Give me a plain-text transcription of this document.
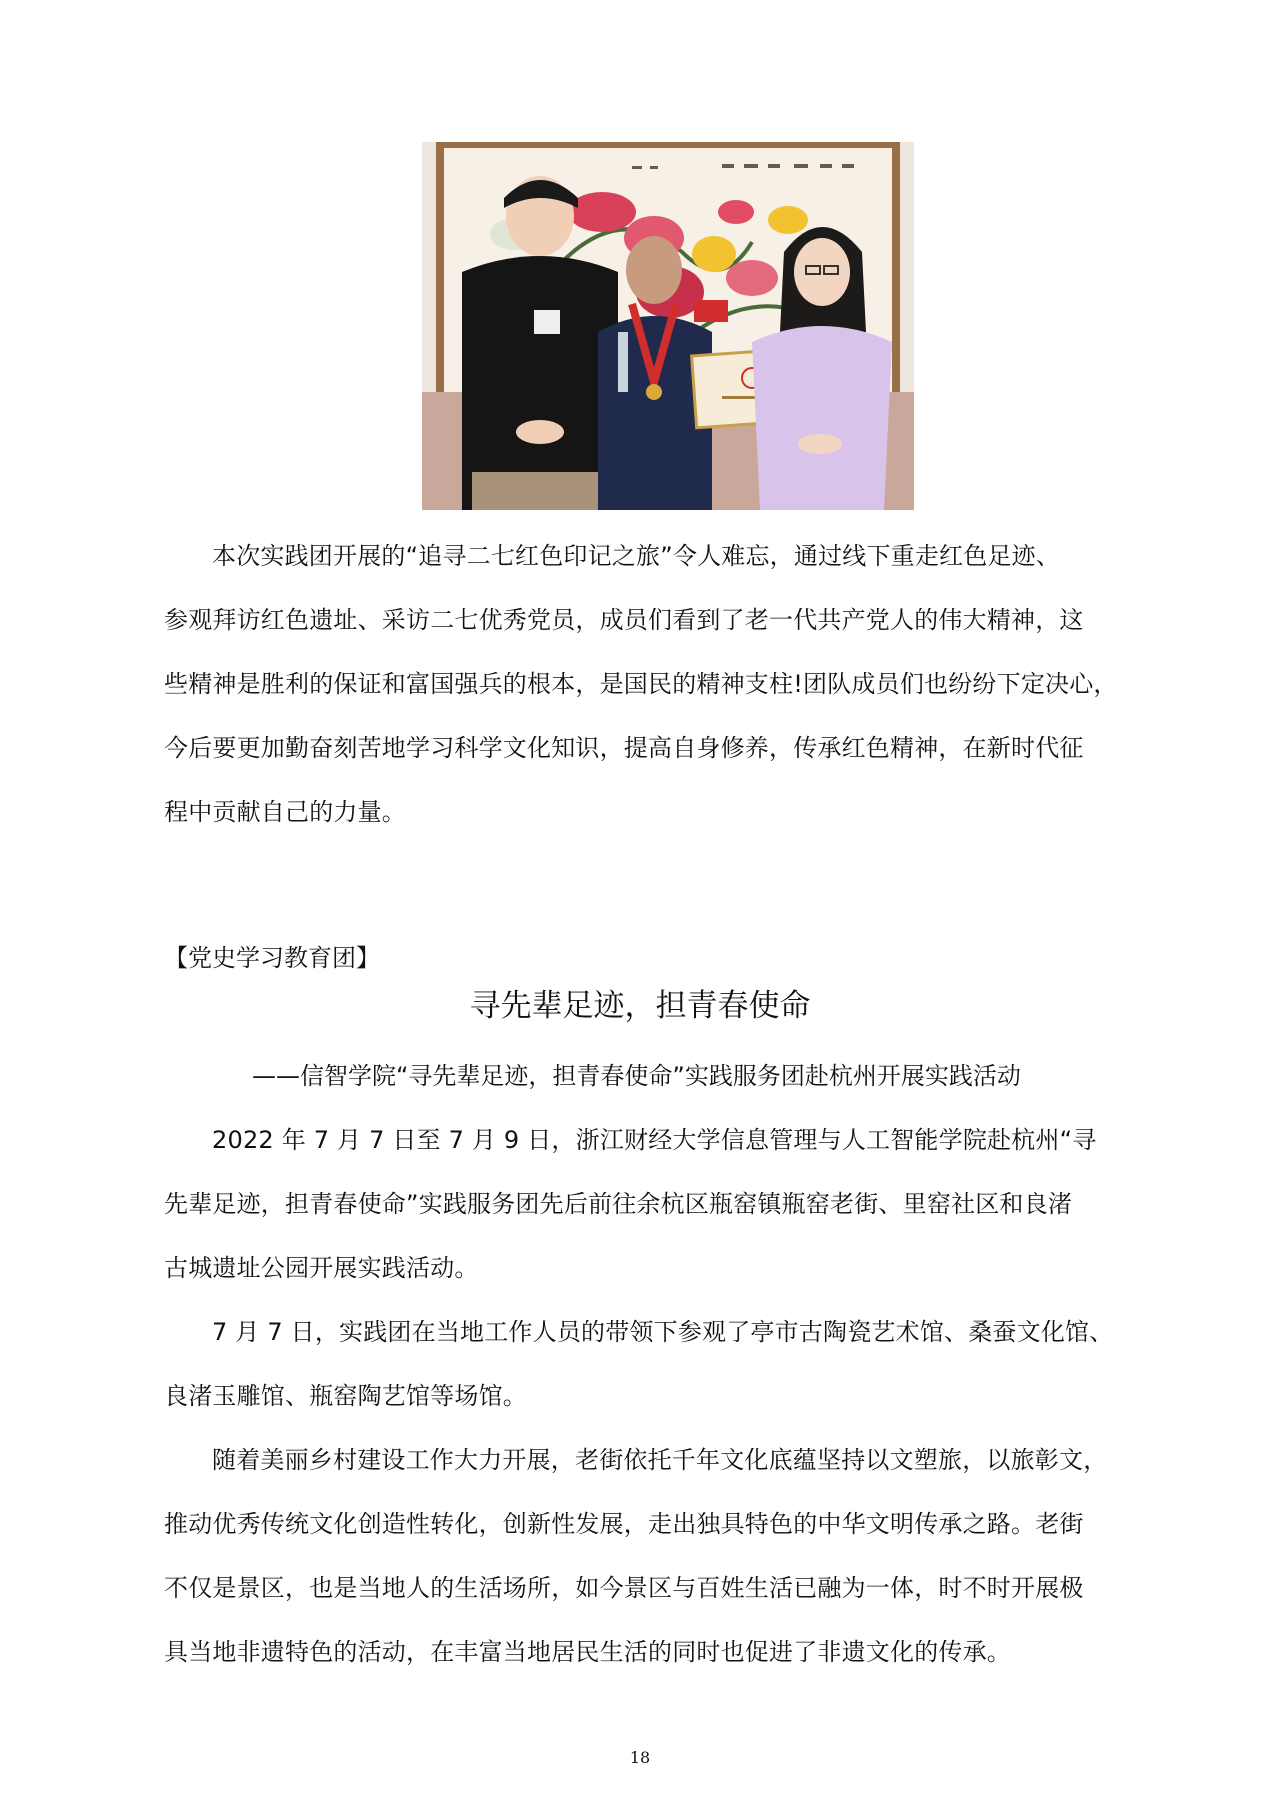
本次实践团开展的“追寻二七红色印记之旅”令人难忘，通过线下重走红色足迹、
参观拜访红色遗址、采访二七优秀党员，成员们看到了老一代共产党人的伟大精神，这
些精神是胜利的保证和富国强兵的根本，是国民的精神支柱!团队成员们也纷纷下定决心，
今后要更加勤奋刻苦地学习科学文化知识，提高自身修养，传承红色精神，在新时代征
程中贡献自己的力量。

【党史学习教育团】

寻先辈足迹，担青春使命

——信智学院“寻先辈足迹，担青春使命”实践服务团赴杭州开展实践活动

2022 年 7 月 7 日至 7 月 9 日，浙江财经大学信息管理与人工智能学院赴杭州“寻
先辈足迹，担青春使命”实践服务团先后前往余杭区瓶窑镇瓶窑老街、里窑社区和良渚
古城遗址公园开展实践活动。
7 月 7 日，实践团在当地工作人员的带领下参观了亭市古陶瓷艺术馆、桑蚕文化馆、
良渚玉雕馆、瓶窑陶艺馆等场馆。
随着美丽乡村建设工作大力开展，老街依托千年文化底蕴坚持以文塑旅，以旅彰文，
推动优秀传统文化创造性转化，创新性发展，走出独具特色的中华文明传承之路。老街
不仅是景区，也是当地人的生活场所，如今景区与百姓生活已融为一体，时不时开展极
具当地非遗特色的活动，在丰富当地居民生活的同时也促进了非遗文化的传承。
18
